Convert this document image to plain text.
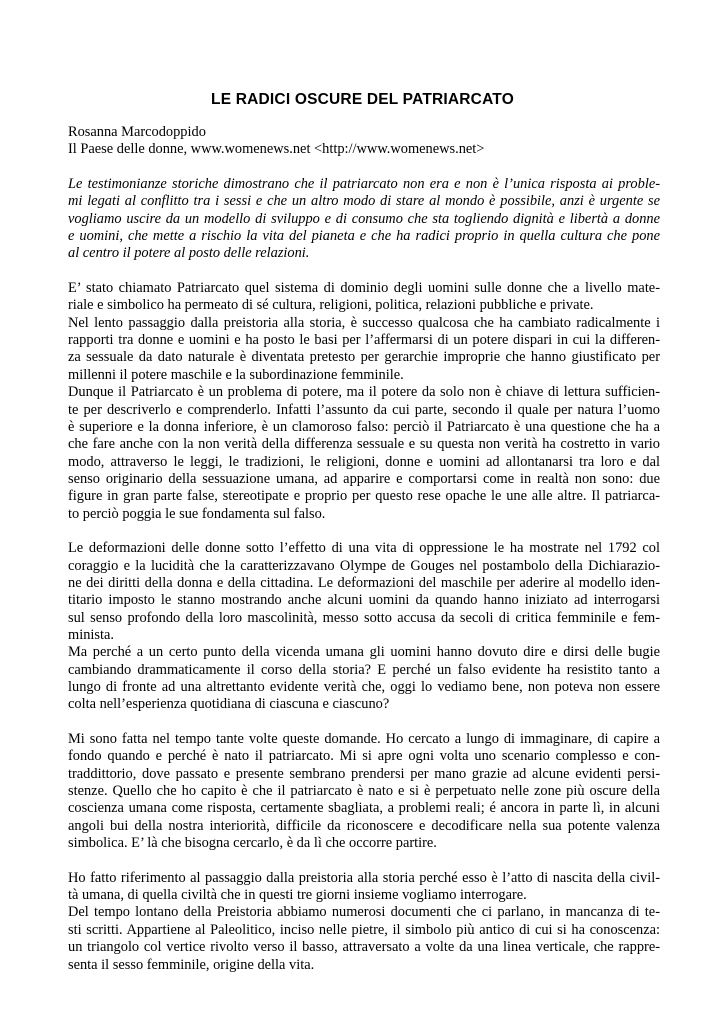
LE RADICI OSCURE DEL PATRIARCATO
Rosanna Marcodoppido
Il Paese delle donne, www.womenews.net <http://www.womenews.net>
Le testimonianze storiche dimostrano che il patriarcato non era e non è l’unica risposta ai proble-
mi legati al conflitto tra i sessi e che un altro modo di stare al mondo è possibile, anzi è urgente se
vogliamo uscire da un modello di sviluppo e di consumo che sta togliendo dignità e libertà a donne
e uomini, che mette a rischio la vita del pianeta e che ha radici proprio in quella cultura che pone
al centro il potere al posto delle relazioni.
E’ stato chiamato Patriarcato quel sistema di dominio degli uomini sulle donne che a livello mate-
riale e simbolico ha permeato di sé cultura, religioni, politica, relazioni pubbliche e private.
Nel lento passaggio dalla preistoria alla storia, è successo qualcosa che ha cambiato radicalmente i
rapporti tra donne e uomini e ha posto le basi per l’affermarsi di un potere dispari in cui la differen-
za sessuale da dato naturale è diventata pretesto per gerarchie improprie che hanno giustificato per
millenni il potere maschile e la subordinazione femminile.
Dunque il Patriarcato è un problema di potere, ma il potere da solo non è chiave di lettura sufficien-
te per descriverlo e comprenderlo. Infatti l’assunto da cui parte, secondo il quale per natura l’uomo
è superiore e la donna inferiore, è un clamoroso falso: perciò il Patriarcato è una questione che ha a
che fare anche con la non verità della differenza sessuale e su questa non verità ha costretto in vario
modo, attraverso le leggi, le tradizioni, le religioni, donne e uomini ad allontanarsi tra loro e dal
senso originario della sessuazione umana, ad apparire e comportarsi come in realtà non sono: due
figure in gran parte false, stereotipate e proprio per questo rese opache le une alle altre. Il patriarca-
to perciò poggia le sue fondamenta sul falso.
Le deformazioni delle donne sotto l’effetto di una vita di oppressione le ha mostrate nel 1792 col
coraggio e la lucidità che la caratterizzavano Olympe de Gouges nel postambolo della Dichiarazio-
ne dei diritti della donna e della cittadina. Le deformazioni del maschile per aderire al modello iden-
titario imposto le stanno mostrando anche alcuni uomini da quando hanno iniziato ad interrogarsi
sul senso profondo della loro mascolinità, messo sotto accusa da secoli di critica femminile e fem-
minista.
Ma perché a un certo punto della vicenda umana gli uomini hanno dovuto dire e dirsi delle bugie
cambiando drammaticamente il corso della storia? E perché un falso evidente ha resistito tanto a
lungo di fronte ad una altrettanto evidente verità che, oggi lo vediamo bene, non poteva non essere
colta nell’esperienza quotidiana di ciascuna e ciascuno?
Mi sono fatta nel tempo tante volte queste domande. Ho cercato a lungo di immaginare, di capire a
fondo quando e perché è nato il patriarcato. Mi si apre ogni volta uno scenario complesso e con-
traddittorio, dove passato e presente sembrano prendersi per mano grazie ad alcune evidenti persi-
stenze. Quello che ho capito è che il patriarcato è nato e si è perpetuato nelle zone più oscure della
coscienza umana come risposta, certamente sbagliata, a problemi reali; é ancora in parte lì, in alcuni
angoli bui della nostra interiorità, difficile da riconoscere e decodificare nella sua potente valenza
simbolica. E’ là che bisogna cercarlo, è da lì che occorre partire.
Ho fatto riferimento al passaggio dalla preistoria alla storia perché esso è l’atto di nascita della civil-
tà umana, di quella civiltà che in questi tre giorni insieme vogliamo interrogare.
Del tempo lontano della Preistoria abbiamo numerosi documenti che ci parlano, in mancanza di te-
sti scritti. Appartiene al Paleolitico, inciso nelle pietre, il simbolo più antico di cui si ha conoscenza:
un triangolo col vertice rivolto verso il basso, attraversato a volte da una linea verticale, che rappre-
senta il sesso femminile, origine della vita.
